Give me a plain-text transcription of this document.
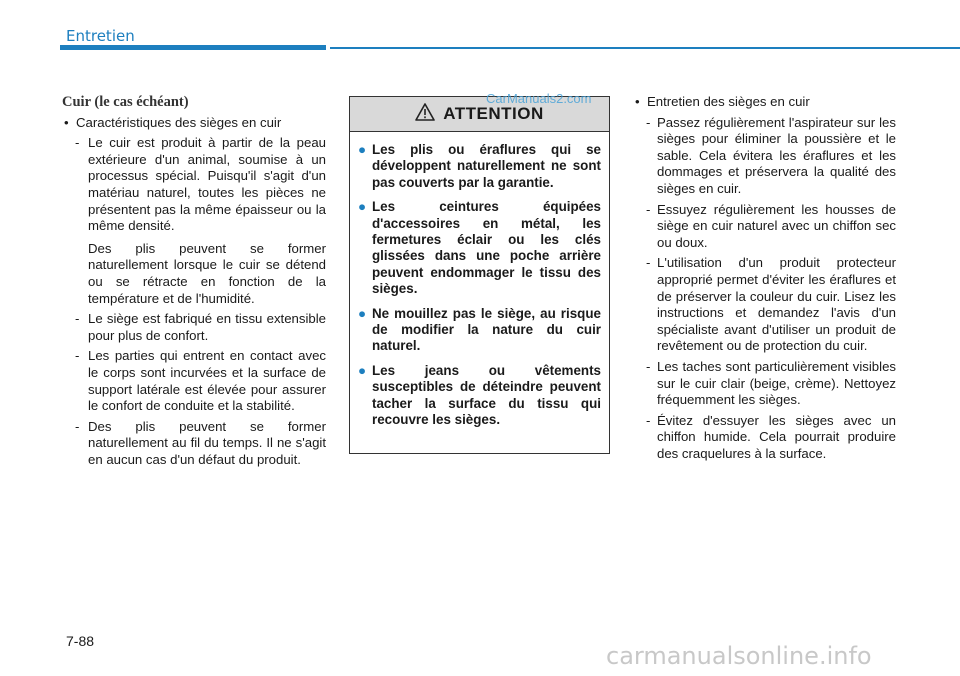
Entretien
Cuir (le cas échéant)
• Caractéristiques des sièges en cuir
- Le cuir est produit à partir de la peau extérieure d'un animal, soumise à un processus spécial. Puisqu'il s'agit d'un matériau naturel, toutes les pièces ne présentent pas la même épaisseur ou la même densité.
Des plis peuvent se former naturellement lorsque le cuir se détend ou se rétracte en fonction de la température et de l'humidité.
- Le siège est fabriqué en tissu extensible pour plus de confort.
- Les parties qui entrent en contact avec le corps sont incurvées et la surface de support latérale est élevée pour assurer le confort de conduite et la stabilité.
- Des plis peuvent se former naturellement au fil du temps. Il ne s'agit en aucun cas d'un défaut du produit.
ATTENTION
● Les plis ou éraflures qui se développent naturellement ne sont pas couverts par la garantie.
● Les ceintures équipées d'accessoires en métal, les fermetures éclair ou les clés glissées dans une poche arrière peuvent endommager le tissu des sièges.
● Ne mouillez pas le siège, au risque de modifier la nature du cuir naturel.
● Les jeans ou vêtements susceptibles de déteindre peuvent tacher la surface du tissu qui recouvre les sièges.
CarManuals2.com
•	Entretien des sièges en cuir
- Passez régulièrement l'aspirateur sur les sièges pour éliminer la poussière et le sable. Cela évitera les éraflures et les dommages et préservera la qualité des sièges en cuir.
- Essuyez régulièrement les housses de siège en cuir naturel avec un chiffon sec ou doux.
- L'utilisation d'un produit protecteur approprié permet d'éviter les éraflures et de préserver la couleur du cuir. Lisez les instructions et demandez l'avis d'un spécialiste avant d'utiliser un produit de revêtement ou de protection du cuir.
- Les taches sont particulièrement visibles sur le cuir clair (beige, crème). Nettoyez fréquemment les sièges.
- Évitez d'essuyer les sièges avec un chiffon humide. Cela pourrait produire des craquelures à la surface.
7-88
carmanualsonline.info
